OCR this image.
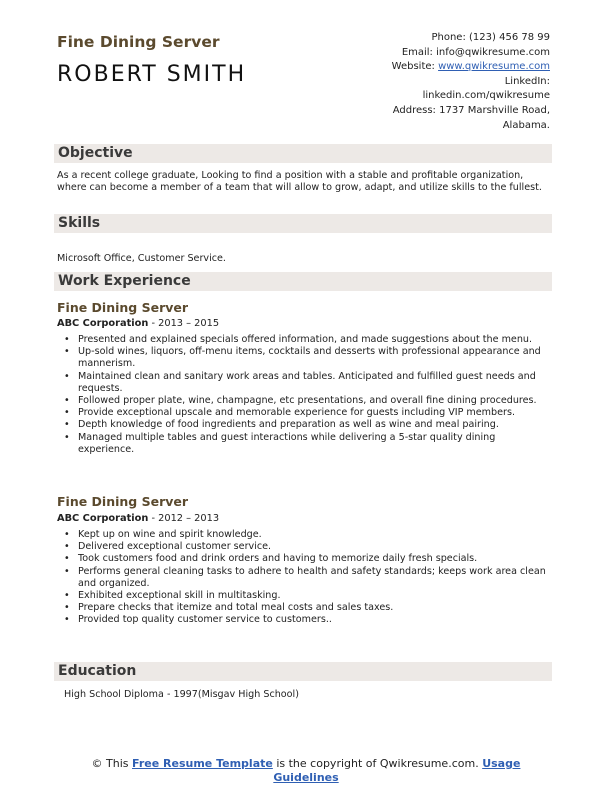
Fine Dining Server
ROBERT SMITH
Phone: (123) 456 78 99
Email: info@qwikresume.com
Website: www.qwikresume.com
LinkedIn:
linkedin.com/qwikresume
Address: 1737 Marshville Road,
Alabama.
Objective
As a recent college graduate, Looking to find a position with a stable and profitable organization, where can become a member of a team that will allow to grow, adapt, and utilize skills to the fullest.
Skills
Microsoft Office, Customer Service.
Work Experience
Fine Dining Server
ABC Corporation - 2013 – 2015
• Presented and explained specials offered information, and made suggestions about the menu.
• Up-sold wines, liquors, off-menu items, cocktails and desserts with professional appearance and mannerism.
• Maintained clean and sanitary work areas and tables. Anticipated and fulfilled guest needs and requests.
• Followed proper plate, wine, champagne, etc presentations, and overall fine dining procedures.
• Provide exceptional upscale and memorable experience for guests including VIP members.
• Depth knowledge of food ingredients and preparation as well as wine and meal pairing.
• Managed multiple tables and guest interactions while delivering a 5-star quality dining experience.
Fine Dining Server
ABC Corporation - 2012 – 2013
• Kept up on wine and spirit knowledge.
• Delivered exceptional customer service.
• Took customers food and drink orders and having to memorize daily fresh specials.
• Performs general cleaning tasks to adhere to health and safety standards; keeps work area clean and organized.
• Exhibited exceptional skill in multitasking.
• Prepare checks that itemize and total meal costs and sales taxes.
• Provided top quality customer service to customers..
Education
High School Diploma - 1997(Misgav High School)
© This Free Resume Template is the copyright of Qwikresume.com. Usage Guidelines
